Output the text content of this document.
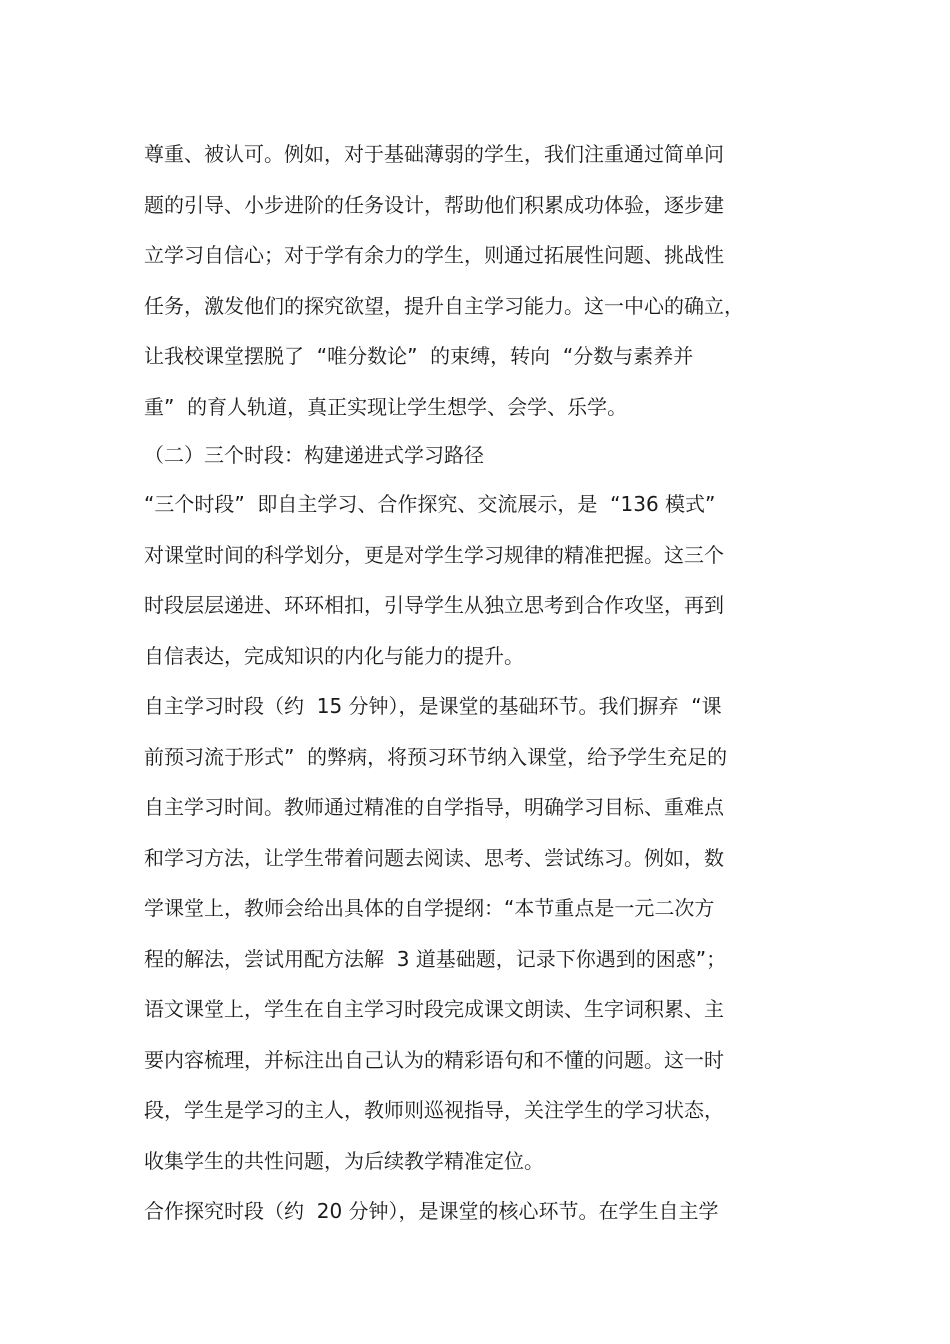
尊重、被认可。例如，对于基础薄弱的学生，我们注重通过简单问

题的引导、小步进阶的任务设计，帮助他们积累成功体验，逐步建

立学习自信心；对于学有余力的学生，则通过拓展性问题、挑战性

任务，激发他们的探究欲望，提升自主学习能力。这一中心的确立，

让我校课堂摆脱了  “唯分数论”  的束缚，转向  “分数与素养并

重”  的育人轨道，真正实现让学生想学、会学、乐学。

（二）三个时段：构建递进式学习路径

“三个时段”  即自主学习、合作探究、交流展示，是  “136 模式”

对课堂时间的科学划分，更是对学生学习规律的精准把握。这三个

时段层层递进、环环相扣，引导学生从独立思考到合作攻坚，再到

自信表达，完成知识的内化与能力的提升。

自主学习时段（约  15 分钟），是课堂的基础环节。我们摒弃  “课

前预习流于形式”  的弊病，将预习环节纳入课堂，给予学生充足的

自主学习时间。教师通过精准的自学指导，明确学习目标、重难点

和学习方法，让学生带着问题去阅读、思考、尝试练习。例如，数

学课堂上，教师会给出具体的自学提纲：“本节重点是一元二次方

程的解法，尝试用配方法解  3 道基础题，记录下你遇到的困惑”；

语文课堂上，学生在自主学习时段完成课文朗读、生字词积累、主

要内容梳理，并标注出自己认为的精彩语句和不懂的问题。这一时

段，学生是学习的主人，教师则巡视指导，关注学生的学习状态，

收集学生的共性问题，为后续教学精准定位。

合作探究时段（约  20 分钟），是课堂的核心环节。在学生自主学
